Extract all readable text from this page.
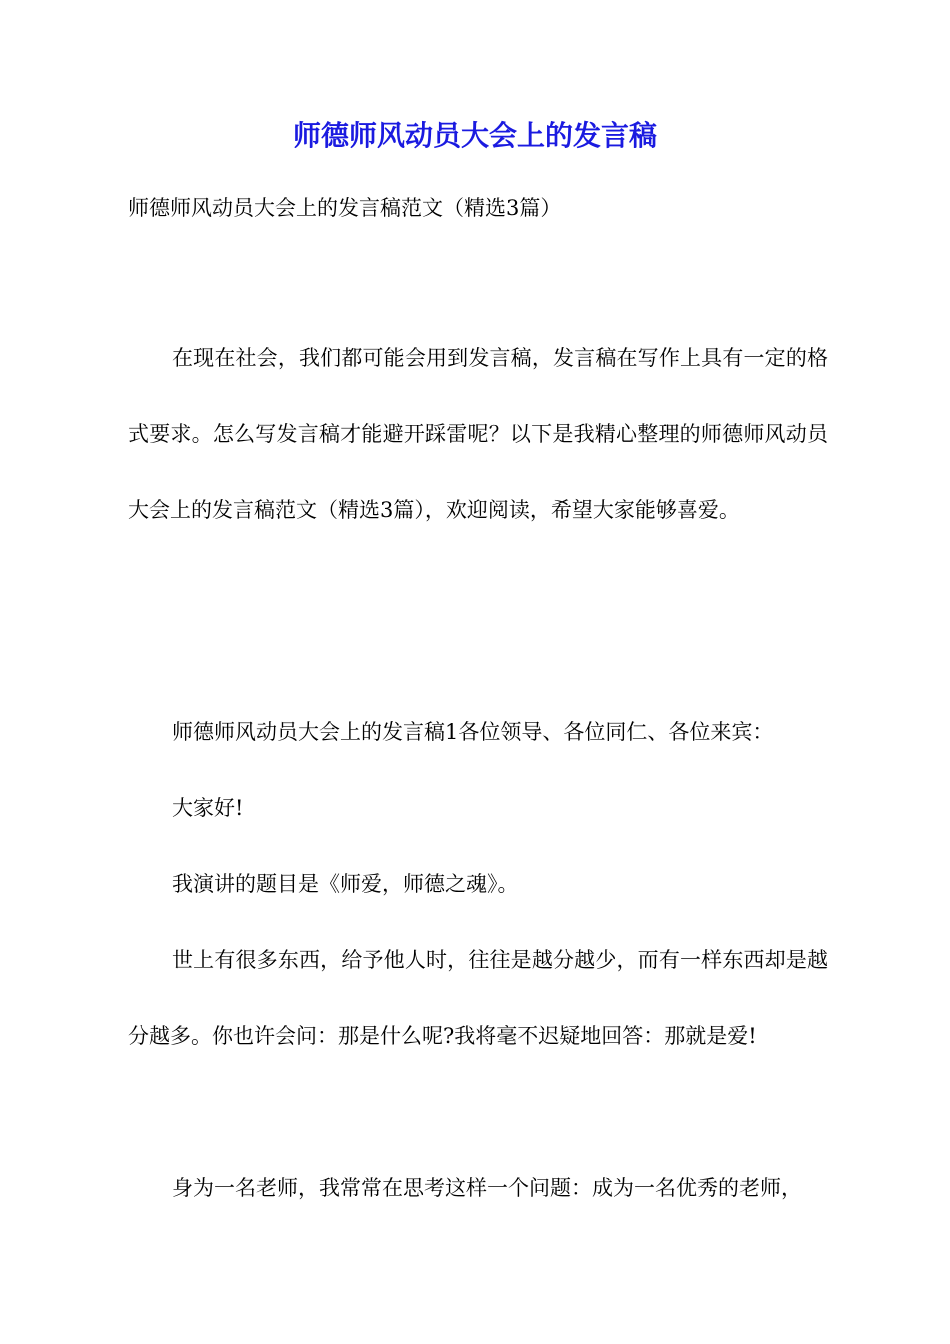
师德师风动员大会上的发言稿
师德师风动员大会上的发言稿范文（精选3篇）

在现在社会，我们都可能会用到发言稿，发言稿在写作上具有一定的格式要求。怎么写发言稿才能避开踩雷呢？以下是我精心整理的师德师风动员大会上的发言稿范文（精选3篇），欢迎阅读，希望大家能够喜爱。

师德师风动员大会上的发言稿1各位领导、各位同仁、各位来宾：

大家好!

我演讲的题目是《师爱，师德之魂》。

世上有很多东西，给予他人时，往往是越分越少，而有一样东西却是越分越多。你也许会问：那是什么呢?我将毫不迟疑地回答：那就是爱!

身为一名老师，我常常在思考这样一个问题：成为一名优秀的老师，
